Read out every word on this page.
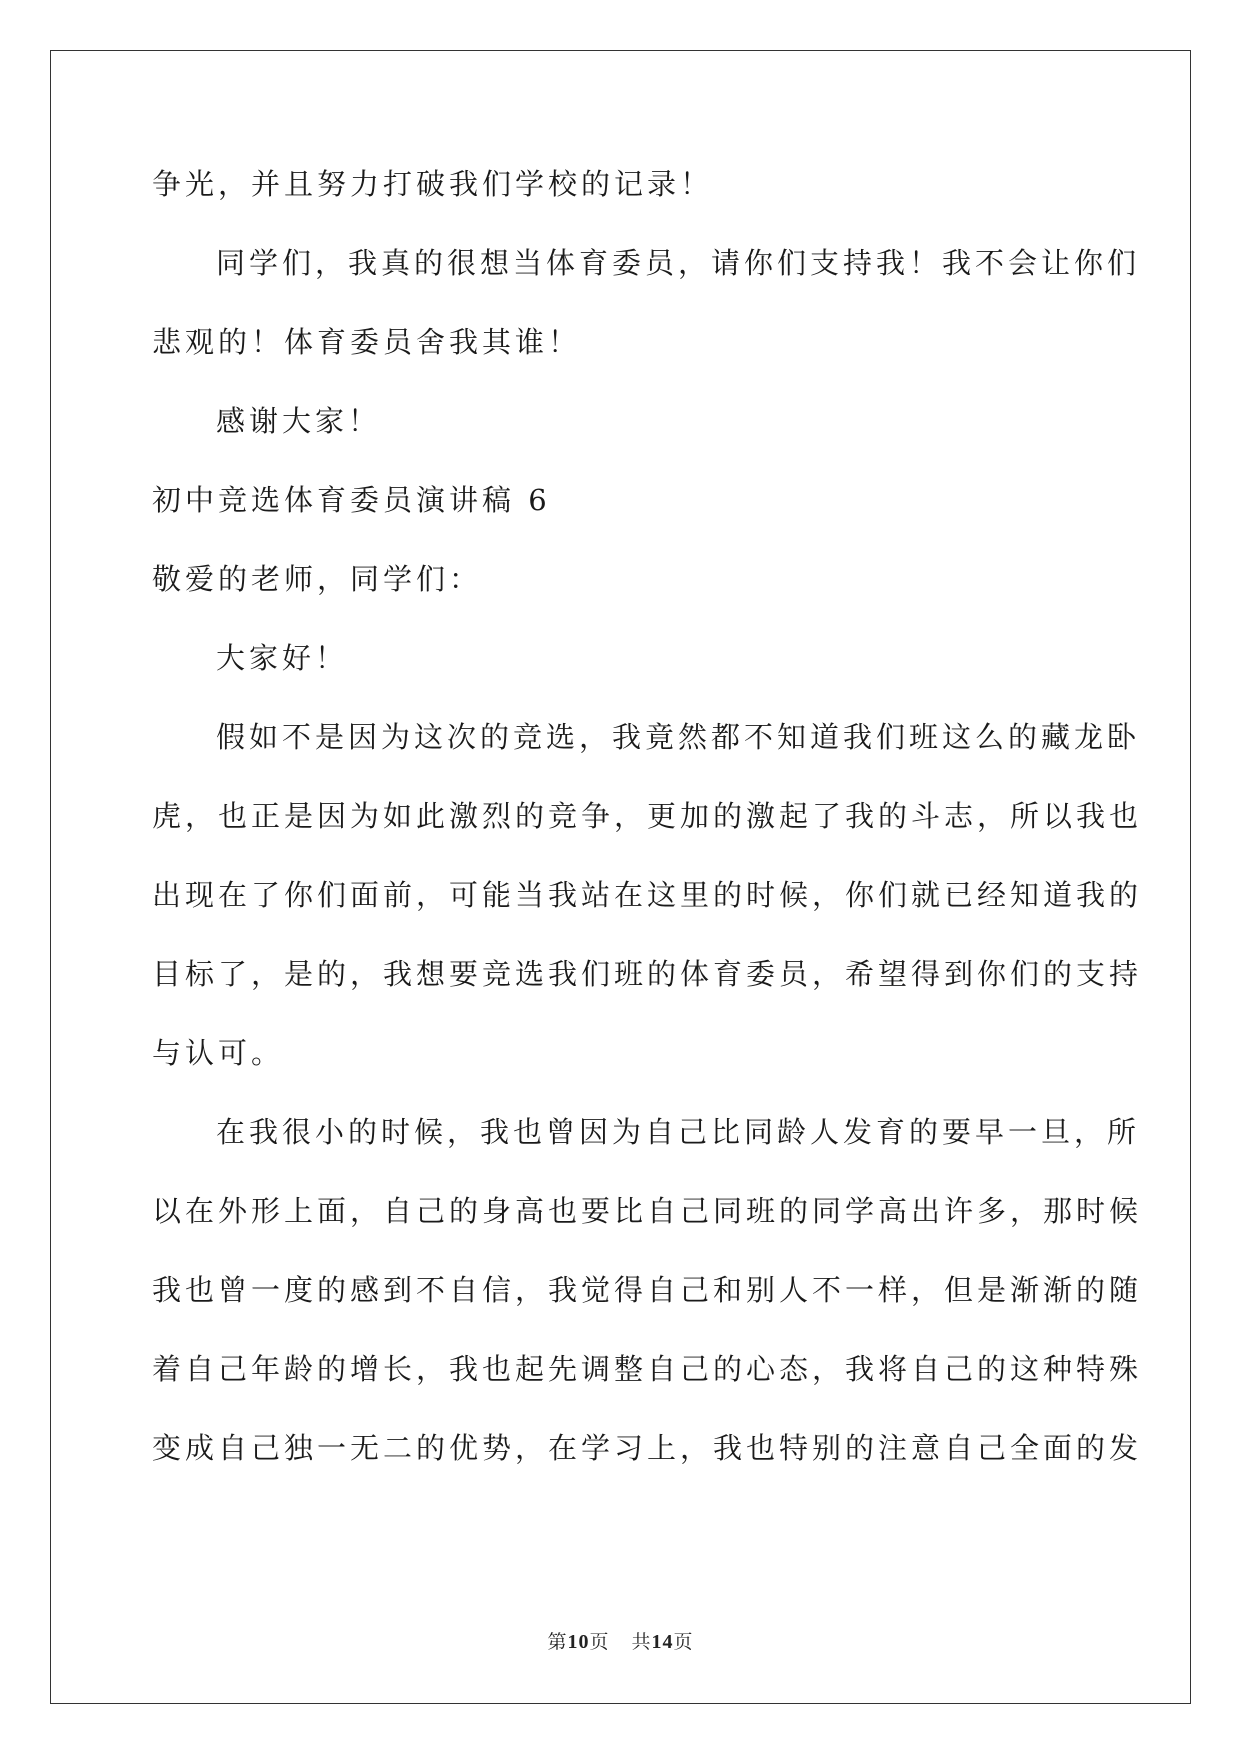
争光，并且努力打破我们学校的记录！

同学们，我真的很想当体育委员，请你们支持我！我不会让你们

悲观的！体育委员舍我其谁！

感谢大家！

初中竞选体育委员演讲稿 6

敬爱的老师，同学们：

大家好！

假如不是因为这次的竞选，我竟然都不知道我们班这么的藏龙卧

虎，也正是因为如此激烈的竞争，更加的激起了我的斗志，所以我也

出现在了你们面前，可能当我站在这里的时候，你们就已经知道我的

目标了，是的，我想要竞选我们班的体育委员，希望得到你们的支持

与认可。

在我很小的时候，我也曾因为自己比同龄人发育的要早一旦，所

以在外形上面，自己的身高也要比自己同班的同学高出许多，那时候

我也曾一度的感到不自信，我觉得自己和别人不一样，但是渐渐的随

着自己年龄的增长，我也起先调整自己的心态，我将自己的这种特殊

变成自己独一无二的优势，在学习上，我也特别的注意自己全面的发

第10页 共14页
